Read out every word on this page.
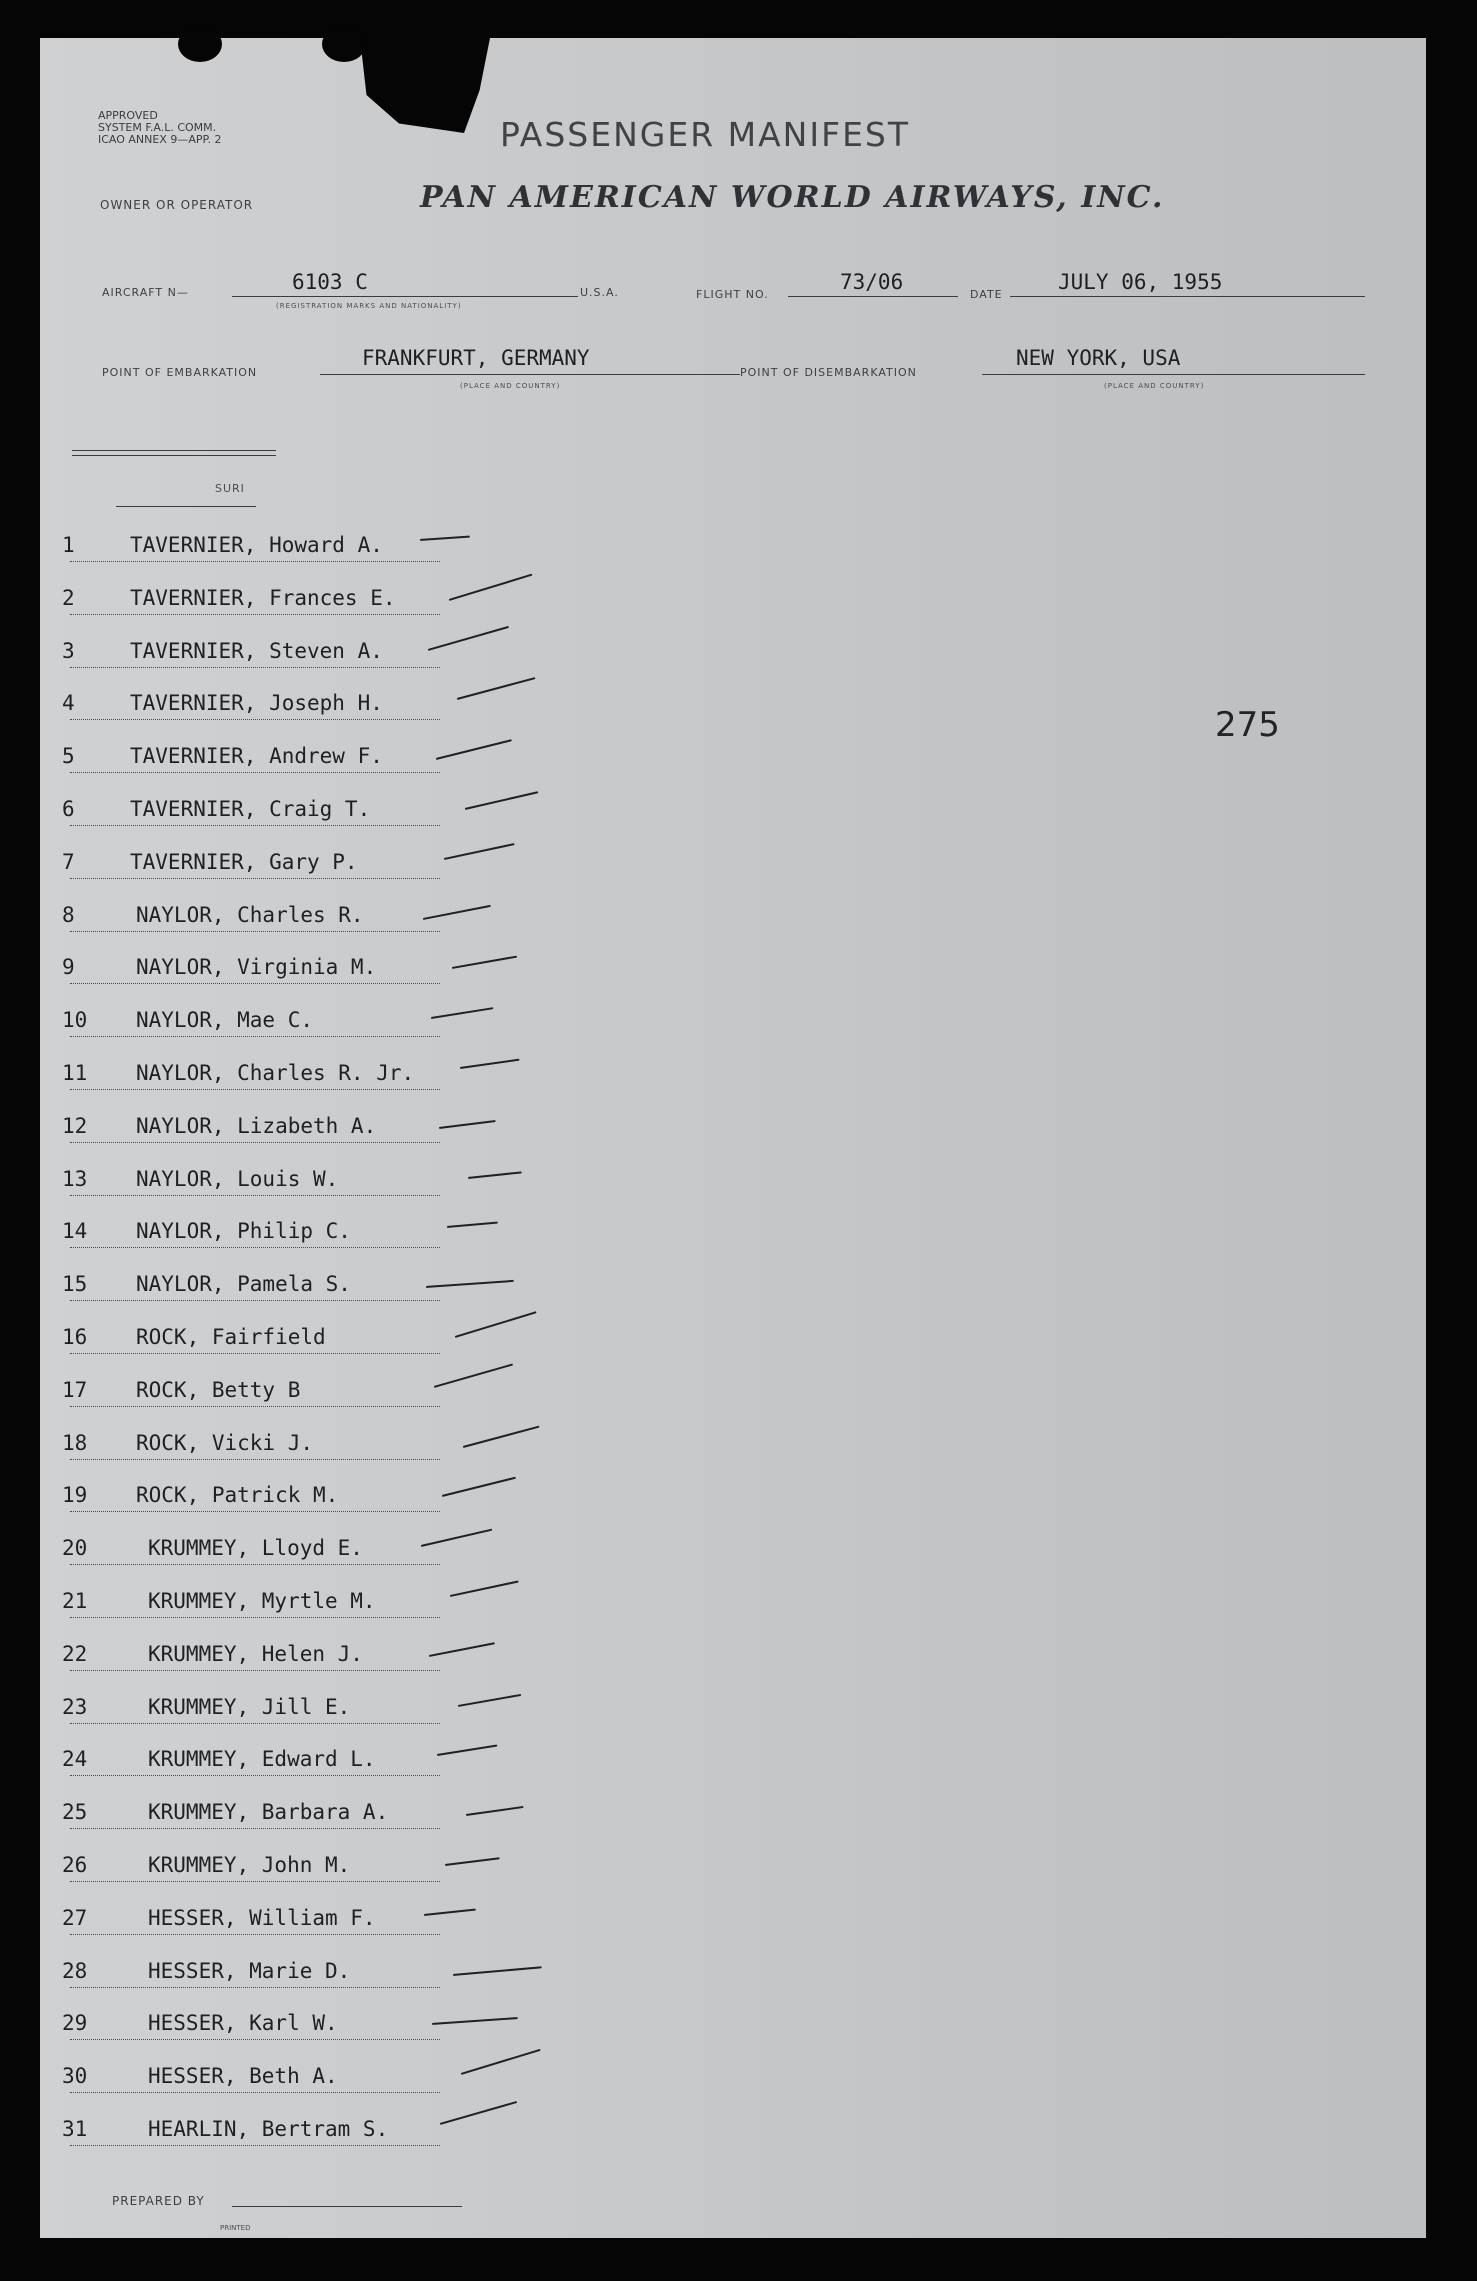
APPROVED
SYSTEM F.A.L. COMM.
ICAO ANNEX 9—APP. 2	PASSENGER MANIFEST
OWNER OR OPERATOR	PAN AMERICAN WORLD AIRWAYS, INC.
AIRCRAFT N—	6103 C
(REGISTRATION MARKS AND NATIONALITY)
U.S.A.	FLIGHT NO.
73/06
DATE
JULY 06, 1955
POINT OF EMBARKATION
FRANKFURT, GERMANY
(PLACE AND COUNTRY)
POINT OF DISEMBARKATION
NEW YORK, USA
(PLACE AND COUNTRY)
SURI
275
1	TAVERNIER, Howard A.
2	TAVERNIER, Frances E.
3	TAVERNIER, Steven A.
4	TAVERNIER, Joseph H.
5	TAVERNIER, Andrew F.
6	TAVERNIER, Craig T.
7	TAVERNIER, Gary P.
8	NAYLOR, Charles R.
9	NAYLOR, Virginia M.
10	NAYLOR, Mae C.
11	NAYLOR, Charles R. Jr.
12	NAYLOR, Lizabeth A.
13	NAYLOR, Louis W.
14	NAYLOR, Philip C.
15	NAYLOR, Pamela S.
16	ROCK, Fairfield
17	ROCK, Betty B
18	ROCK, Vicki J.
19	ROCK, Patrick M.
20	KRUMMEY, Lloyd E.
21	KRUMMEY, Myrtle M.
22	KRUMMEY, Helen J.
23	KRUMMEY, Jill E.
24	KRUMMEY, Edward L.
25	KRUMMEY, Barbara A.
26	KRUMMEY, John M.
27	HESSER, William F.
28	HESSER, Marie D.
29	HESSER, Karl W.
30	HESSER, Beth A.
31	HEARLIN, Bertram S.
PREPARED BY
PRINTED
